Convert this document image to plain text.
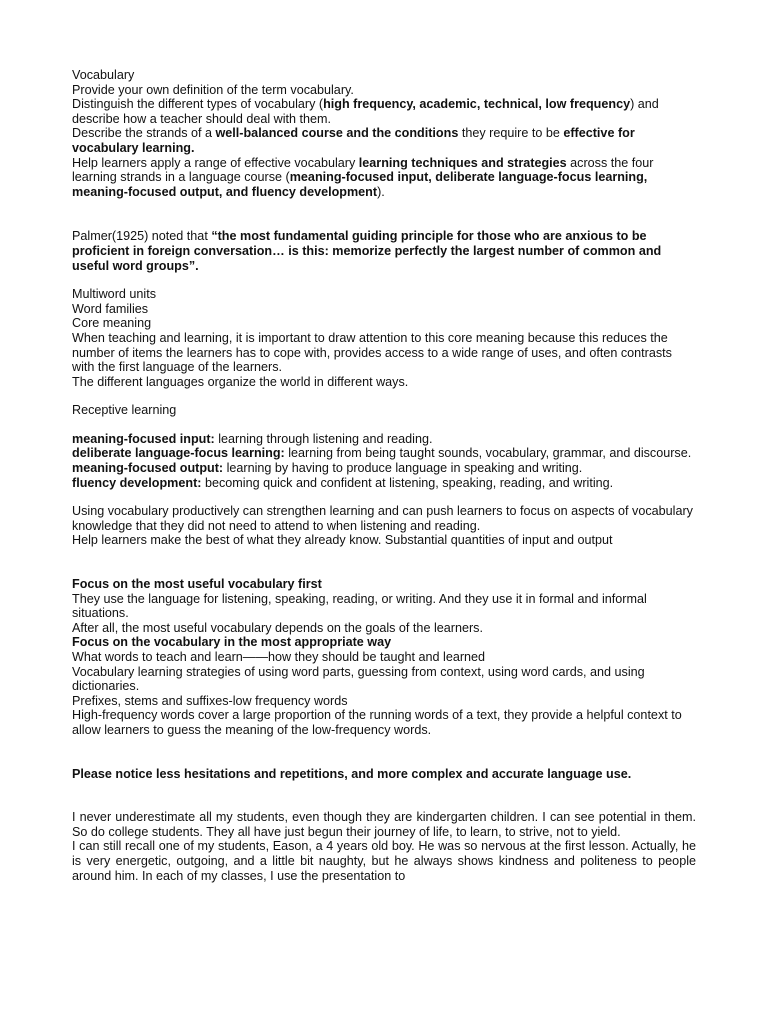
Vocabulary

Provide your own definition of the term vocabulary.

Distinguish the different types of vocabulary (high frequency, academic, technical, low frequency) and describe how a teacher should deal with them.

Describe the strands of a well-balanced course and the conditions they require to be effective for vocabulary learning.

Help learners apply a range of effective vocabulary learning techniques and strategies across the four learning strands in a language course (meaning-focused input, deliberate language-focus learning, meaning-focused output, and fluency development).

Palmer(1925) noted that “the most fundamental guiding principle for those who are anxious to be proficient in foreign conversation… is this: memorize perfectly the largest number of common and useful word groups”.

Multiword units

Word families

Core meaning

When teaching and learning, it is important to draw attention to this core meaning because this reduces the number of items the learners has to cope with, provides access to a wide range of uses, and often contrasts with the first language of the learners.

The different languages organize the world in different ways.

Receptive learning

meaning-focused input: learning through listening and reading.

deliberate language-focus learning: learning from being taught sounds, vocabulary, grammar, and discourse.

meaning-focused output: learning by having to produce language in speaking and writing.

fluency development: becoming quick and confident at listening, speaking, reading, and writing.

Using vocabulary productively can strengthen learning and can push learners to focus on aspects of vocabulary knowledge that they did not need to attend to when listening and reading.

Help learners make the best of what they already know. Substantial quantities of input and output

Focus on the most useful vocabulary first

They use the language for listening, speaking, reading, or writing. And they use it in formal and informal situations.

After all, the most useful vocabulary depends on the goals of the learners.

Focus on the vocabulary in the most appropriate way

What words to teach and learn——how they should be taught and learned

Vocabulary learning strategies of using word parts, guessing from context, using word cards, and using dictionaries.

Prefixes, stems and suffixes-low frequency words

High-frequency words cover a large proportion of the running words of a text, they provide a helpful context to allow learners to guess the meaning of the low-frequency words.

Please notice less hesitations and repetitions, and more complex and accurate language use.

I never underestimate all my students, even though they are kindergarten children. I can see potential in them. So do college students. They all have just begun their journey of life, to learn, to strive, not to yield.

I can still recall one of my students, Eason, a 4 years old boy. He was so nervous at the first lesson. Actually, he is very energetic, outgoing, and a little bit naughty, but he always shows kindness and politeness to people around him. In each of my classes, I use the presentation to
